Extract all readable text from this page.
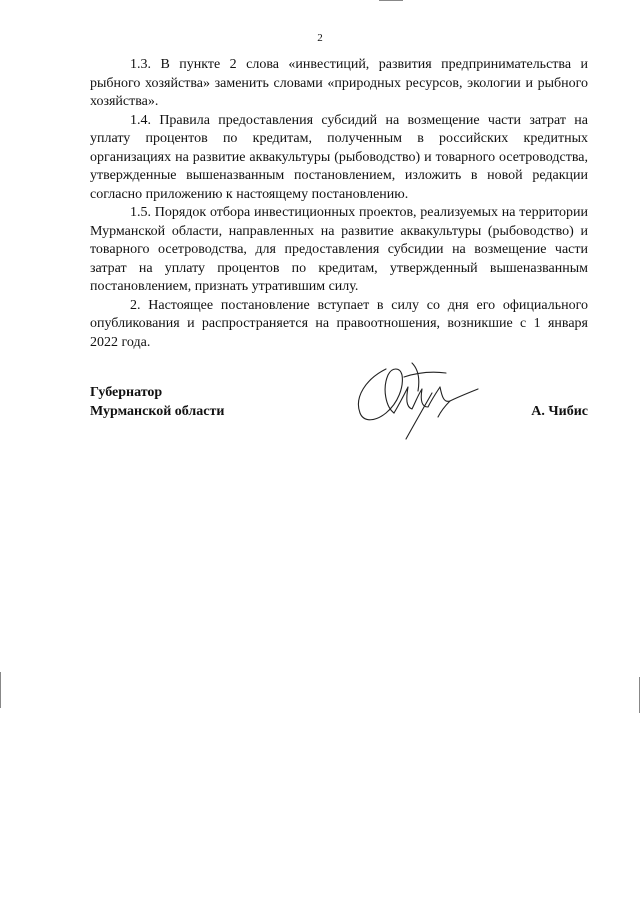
2

1.3. В пункте 2 слова «инвестиций, развития предпринимательства и рыбного хозяйства» заменить словами «природных ресурсов, экологии и рыбного хозяйства».

1.4. Правила предоставления субсидий на возмещение части затрат на уплату процентов по кредитам, полученным в российских кредитных организациях на развитие аквакультуры (рыбоводство) и товарного осетроводства, утвержденные вышеназванным постановлением, изложить в новой редакции согласно приложению к настоящему постановлению.

1.5. Порядок отбора инвестиционных проектов, реализуемых на территории Мурманской области, направленных на развитие аквакультуры (рыбоводство) и товарного осетроводства, для предоставления субсидии на возмещение части затрат на уплату процентов по кредитам, утвержденный вышеназванным постановлением, признать утратившим силу.

2. Настоящее постановление вступает в силу со дня его официального опубликования и распространяется на правоотношения, возникшие с 1 января 2022 года.

Губернатор
Мурманской области	А. Чибис
